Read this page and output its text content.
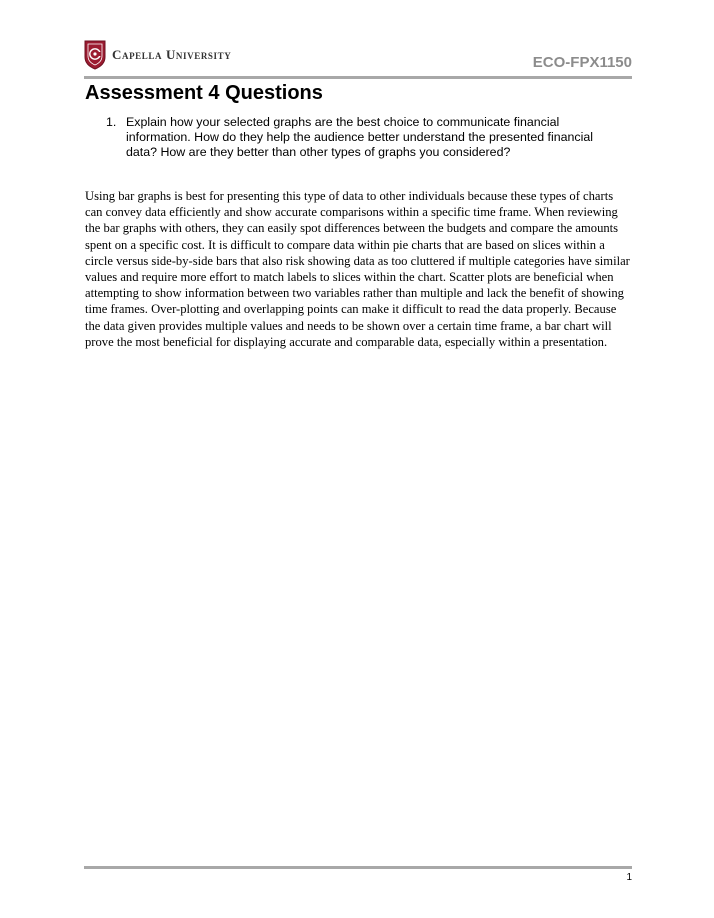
Capella University	ECO-FPX1150
Assessment 4 Questions
1. Explain how your selected graphs are the best choice to communicate financial information. How do they help the audience better understand the presented financial data? How are they better than other types of graphs you considered?

Using bar graphs is best for presenting this type of data to other individuals because these types of charts can convey data efficiently and show accurate comparisons within a specific time frame. When reviewing the bar graphs with others, they can easily spot differences between the budgets and compare the amounts spent on a specific cost. It is difficult to compare data within pie charts that are based on slices within a circle versus side-by-side bars that also risk showing data as too cluttered if multiple categories have similar values and require more effort to match labels to slices within the chart. Scatter plots are beneficial when attempting to show information between two variables rather than multiple and lack the benefit of showing time frames. Over-plotting and overlapping points can make it difficult to read the data properly. Because the data given provides multiple values and needs to be shown over a certain time frame, a bar chart will prove the most beneficial for displaying accurate and comparable data, especially within a presentation.

1
